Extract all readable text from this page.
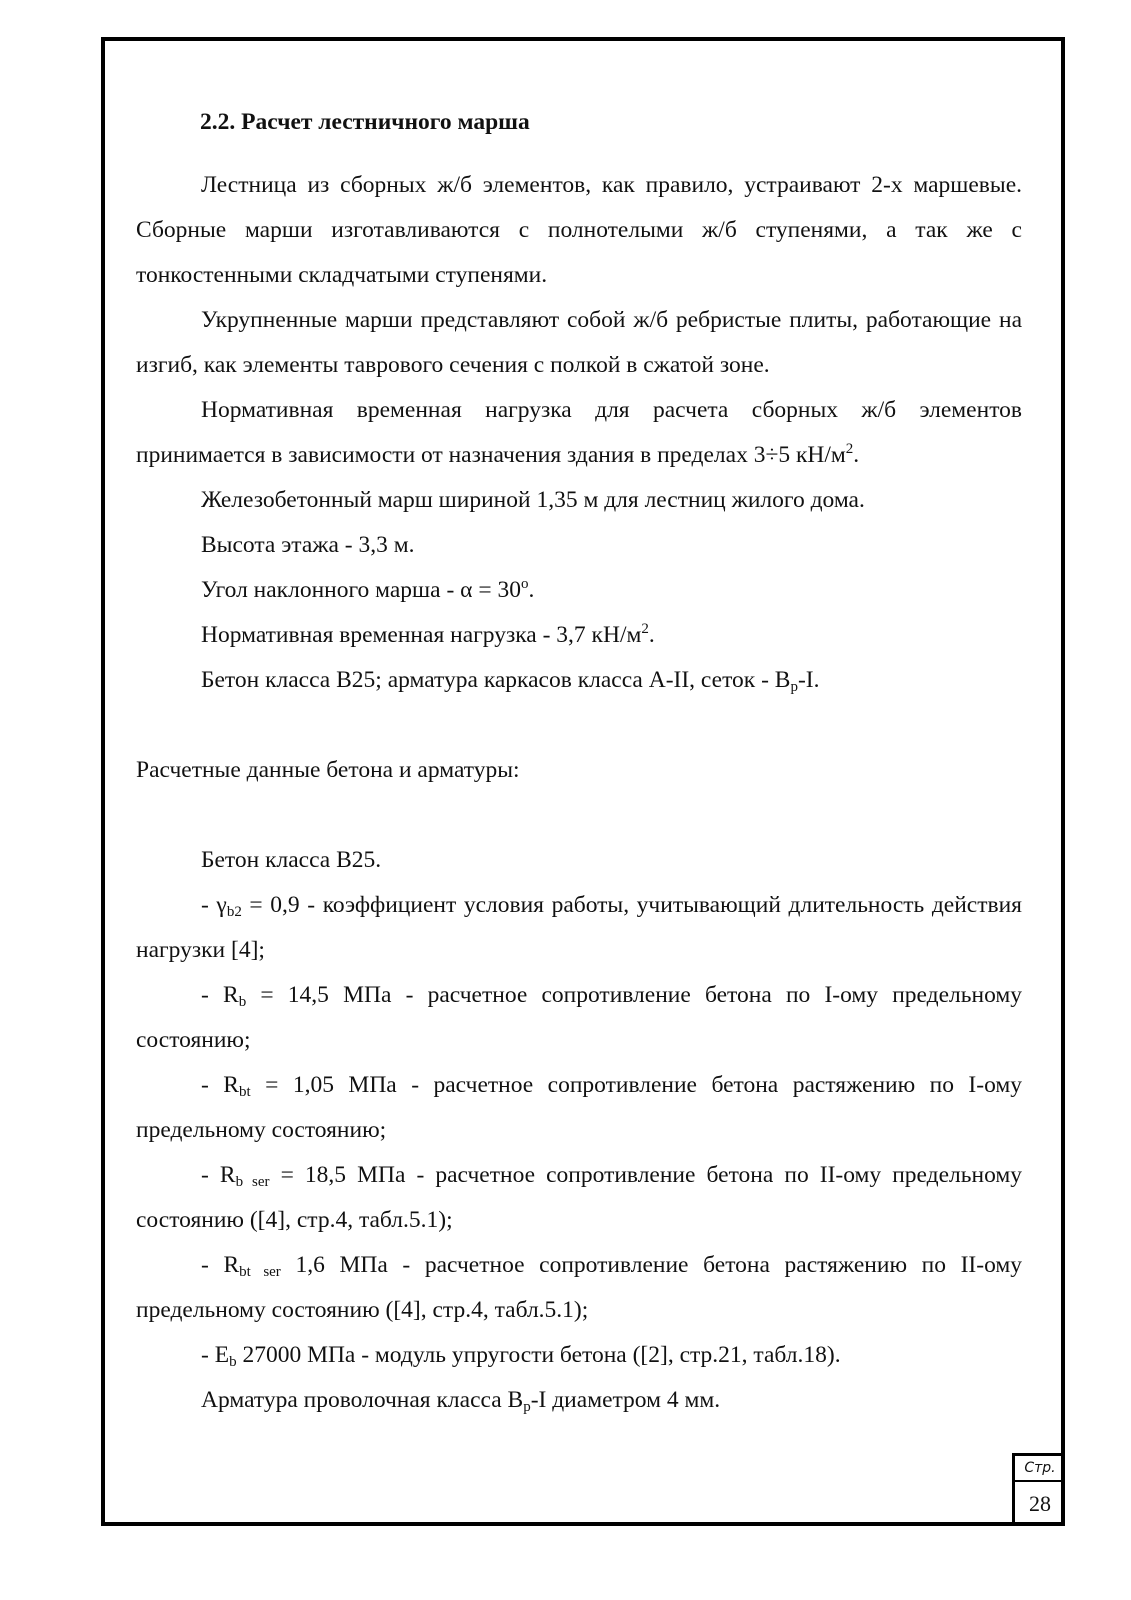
2.2. Расчет лестничного марша

Лестница из сборных ж/б элементов, как правило, устраивают 2-х маршевые. Сборные марши изготавливаются с полнотелыми ж/б ступенями, а так же с тонкостенными складчатыми ступенями.

Укрупненные марши представляют собой ж/б ребристые плиты, работающие на изгиб, как элементы таврового сечения с полкой в сжатой зоне.

Нормативная временная нагрузка для расчета сборных ж/б элементов принимается в зависимости от назначения здания в пределах 3÷5 $кН/м^2$.

Железобетонный марш шириной 1,35 м для лестниц жилого дома.

Высота этажа - 3,3 м.

Угол наклонного марша - $\alpha = 30^o$.

Нормативная временная нагрузка - 3,7 $кН/м^2$.

Бетон класса В25; арматура каркасов класса А-II, сеток - $В_р-I$.

Расчетные данные бетона и арматуры:

Бетон класса В25.

- $\gamma_{b2} = 0,9$ - коэффициент условия работы, учитывающий длительность действия нагрузки [4];

- $R_b = 14,5$ МПа - расчетное сопротивление бетона по I-ому предельному состоянию;

- $R_{bt} = 1,05$ МПа - расчетное сопротивление бетона растяжению по I-ому предельному состоянию;

- $R_{b ser} = 18,5$ МПа - расчетное сопротивление бетона по II-ому предельному состоянию ([4], стр.4, табл.5.1);

- $R_{bt ser}$ 1,6 МПа - расчетное сопротивление бетона растяжению по II-ому предельному состоянию ([4], стр.4, табл.5.1);

- $E_b$ 27000 МПа - модуль упругости бетона ([2], стр.21, табл.18).

Арматура проволочная класса $В_р-I$ диаметром 4 мм.

Стр.
28
